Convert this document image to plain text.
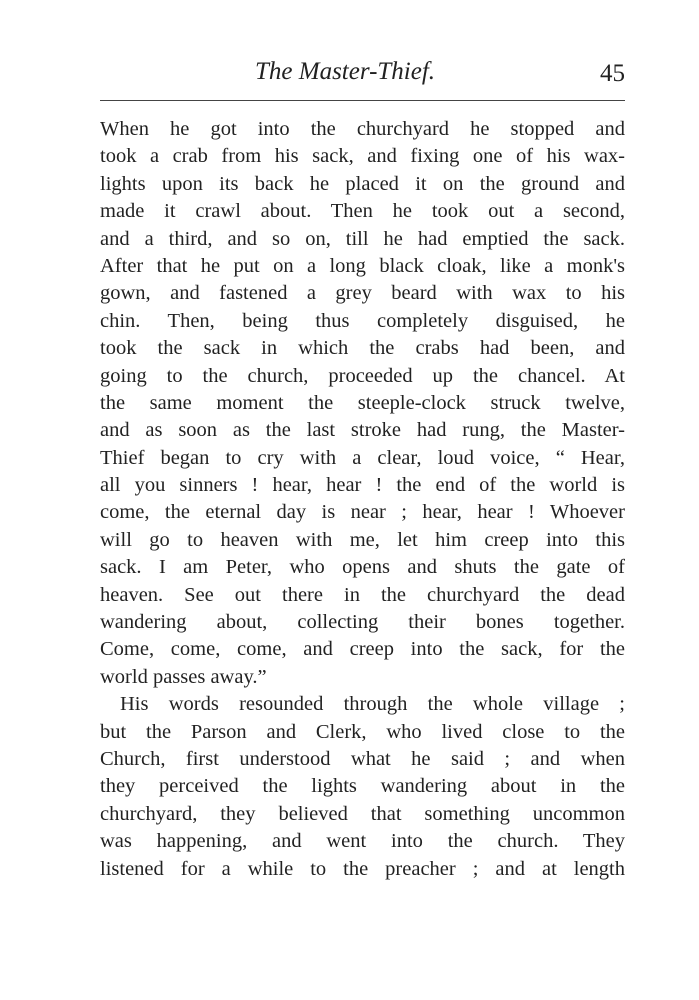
The Master-Thief.	45
When he got into the churchyard he stopped and
took a crab from his sack, and fixing one of his wax-
lights upon its back he placed it on the ground and
made it crawl about. Then he took out a second,
and a third, and so on, till he had emptied the sack.
After that he put on a long black cloak, like a monk's
gown, and fastened a grey beard with wax to his
chin. Then, being thus completely disguised, he
took the sack in which the crabs had been, and
going to the church, proceeded up the chancel. At
the same moment the steeple-clock struck twelve,
and as soon as the last stroke had rung, the Master-
Thief began to cry with a clear, loud voice, “ Hear,
all you sinners ! hear, hear ! the end of the world is
come, the eternal day is near ; hear, hear ! Whoever
will go to heaven with me, let him creep into this
sack. I am Peter, who opens and shuts the gate of
heaven. See out there in the churchyard the dead
wandering about, collecting their bones together.
Come, come, come, and creep into the sack, for the
world passes away.”
His words resounded through the whole village ;
but the Parson and Clerk, who lived close to the
Church, first understood what he said ; and when
they perceived the lights wandering about in the
churchyard, they believed that something uncommon
was happening, and went into the church. They
listened for a while to the preacher ; and at length
